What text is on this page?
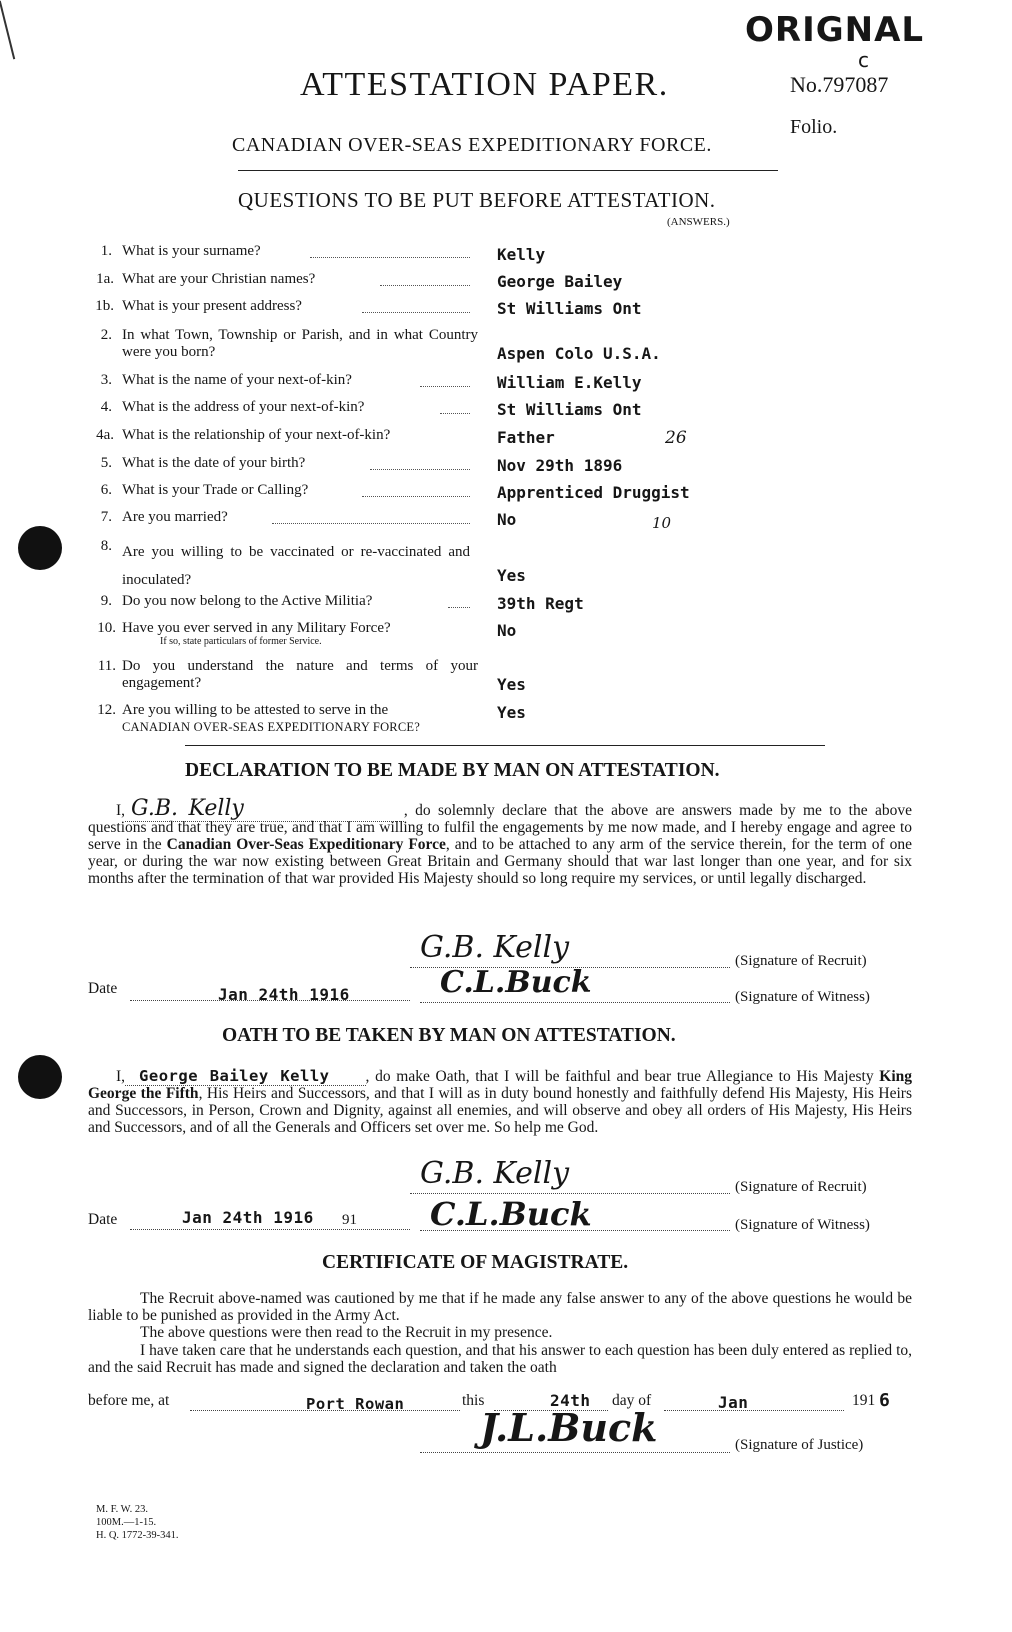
ORIGNAL
c
No.797087
Folio.
ATTESTATION PAPER.
CANADIAN OVER-SEAS EXPEDITIONARY FORCE.
QUESTIONS TO BE PUT BEFORE ATTESTATION.
(ANSWERS.)
1. What is your surname?	Kelly
1a. What are your Christian names?	George Bailey
1b. What is your present address?	St Williams Ont
2. In what Town, Township or Parish, and in what Country were you born?	Aspen Colo U.S.A.
3. What is the name of your next-of-kin?	William E.Kelly
4. What is the address of your next-of-kin?	St Williams Ont
4a. What is the relationship of your next-of-kin?	Father	26
5. What is the date of your birth?	Nov 29th 1896
6. What is your Trade or Calling?	Apprenticed Druggist
7. Are you married?	No	10
8. Are you willing to be vaccinated or re-vaccinated and inoculated?	Yes
9. Do you now belong to the Active Militia?	39th Regt
10. Have you ever served in any Military Force?
If so, state particulars of former Service.
No
11. Do you understand the nature and terms of your engagement?	Yes
12. Are you willing to be attested to serve in the
CANADIAN OVER-SEAS EXPEDITIONARY FORCE?
Yes
DECLARATION TO BE MADE BY MAN ON ATTESTATION.
I, G.B. Kelly	, do solemnly declare that the above are answers made by me to the above questions and that they are true, and that I am willing to fulfil the engagements by me now made, and I hereby engage and agree to serve in the Canadian Over-Seas Expeditionary Force, and to be attached to any arm of the service therein, for the term of one year, or during the war now existing between Great Britain and Germany should that war last longer than one year, and for six months after the termination of that war provided His Majesty should so long require my services, or until legally discharged.
G.B. Kelly	(Signature of Recruit)
Date	Jan 24th 1916	C.L.Buck	(Signature of Witness)
OATH TO BE TAKEN BY MAN ON ATTESTATION.
I, George Bailey Kelly , do make Oath, that I will be faithful and bear true Allegiance to His Majesty King George the Fifth, His Heirs and Successors, and that I will as in duty bound honestly and faithfully defend His Majesty, His Heirs and Successors, in Person, Crown and Dignity, against all enemies, and will observe and obey all orders of His Majesty, His Heirs and Successors, and of all the Generals and Officers set over me. So help me God.
G.B. Kelly	(Signature of Recruit)
Date	Jan 24th 1916 91 C.L.Buck	(Signature of Witness)
CERTIFICATE OF MAGISTRATE.
The Recruit above-named was cautioned by me that if he made any false answer to any of the above questions he would be liable to be punished as provided in the Army Act.
The above questions were then read to the Recruit in my presence.
I have taken care that he understands each question, and that his answer to each question has been duly entered as replied to, and the said Recruit has made and signed the declaration and taken the oath
before me, at	Port Rowan	this	24th day of	Jan	191 6
J.L.Buck	(Signature of Justice)
M. F. W. 23.
100M.—1-15.
H. Q. 1772-39-341.
